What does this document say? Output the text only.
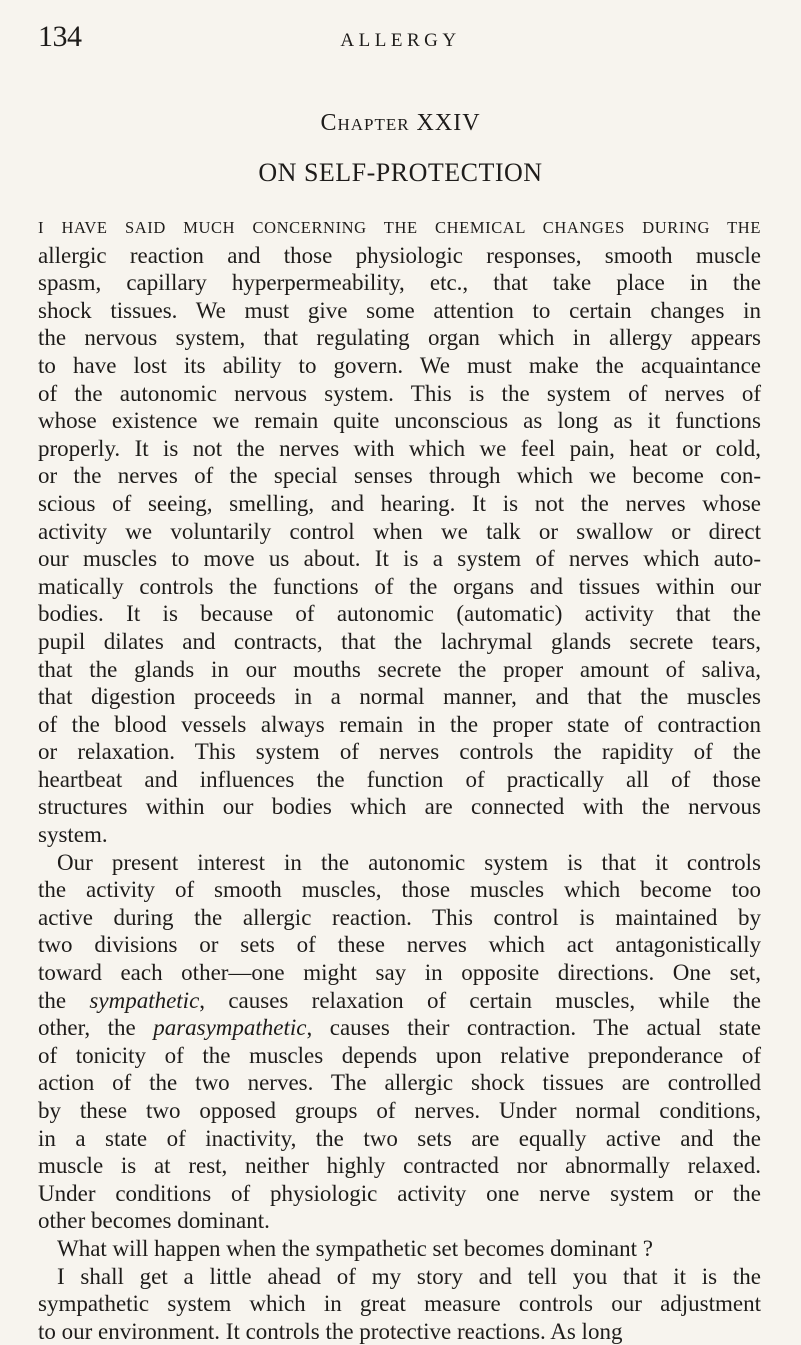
134	ALLERGY
Chapter XXIV
ON SELF-PROTECTION
I HAVE SAID MUCH CONCERNING THE CHEMICAL CHANGES DURING THE
allergic reaction and those physiologic responses, smooth muscle
spasm, capillary hyperpermeability, etc., that take place in the
shock tissues. We must give some attention to certain changes in
the nervous system, that regulating organ which in allergy appears
to have lost its ability to govern. We must make the acquaintance
of the autonomic nervous system. This is the system of nerves of
whose existence we remain quite unconscious as long as it functions
properly. It is not the nerves with which we feel pain, heat or cold,
or the nerves of the special senses through which we become con-
scious of seeing, smelling, and hearing. It is not the nerves whose
activity we voluntarily control when we talk or swallow or direct
our muscles to move us about. It is a system of nerves which auto-
matically controls the functions of the organs and tissues within our
bodies. It is because of autonomic (automatic) activity that the
pupil dilates and contracts, that the lachrymal glands secrete tears,
that the glands in our mouths secrete the proper amount of saliva,
that digestion proceeds in a normal manner, and that the muscles
of the blood vessels always remain in the proper state of contraction
or relaxation. This system of nerves controls the rapidity of the
heartbeat and influences the function of practically all of those
structures within our bodies which are connected with the nervous
system.
Our present interest in the autonomic system is that it controls
the activity of smooth muscles, those muscles which become too
active during the allergic reaction. This control is maintained by
two divisions or sets of these nerves which act antagonistically
toward each other—one might say in opposite directions. One set,
the sympathetic, causes relaxation of certain muscles, while the
other, the parasympathetic, causes their contraction. The actual state
of tonicity of the muscles depends upon relative preponderance of
action of the two nerves. The allergic shock tissues are controlled
by these two opposed groups of nerves. Under normal conditions,
in a state of inactivity, the two sets are equally active and the
muscle is at rest, neither highly contracted nor abnormally relaxed.
Under conditions of physiologic activity one nerve system or the
other becomes dominant.
What will happen when the sympathetic set becomes dominant ?
I shall get a little ahead of my story and tell you that it is the
sympathetic system which in great measure controls our adjustment
to our environment. It controls the protective reactions. As long
